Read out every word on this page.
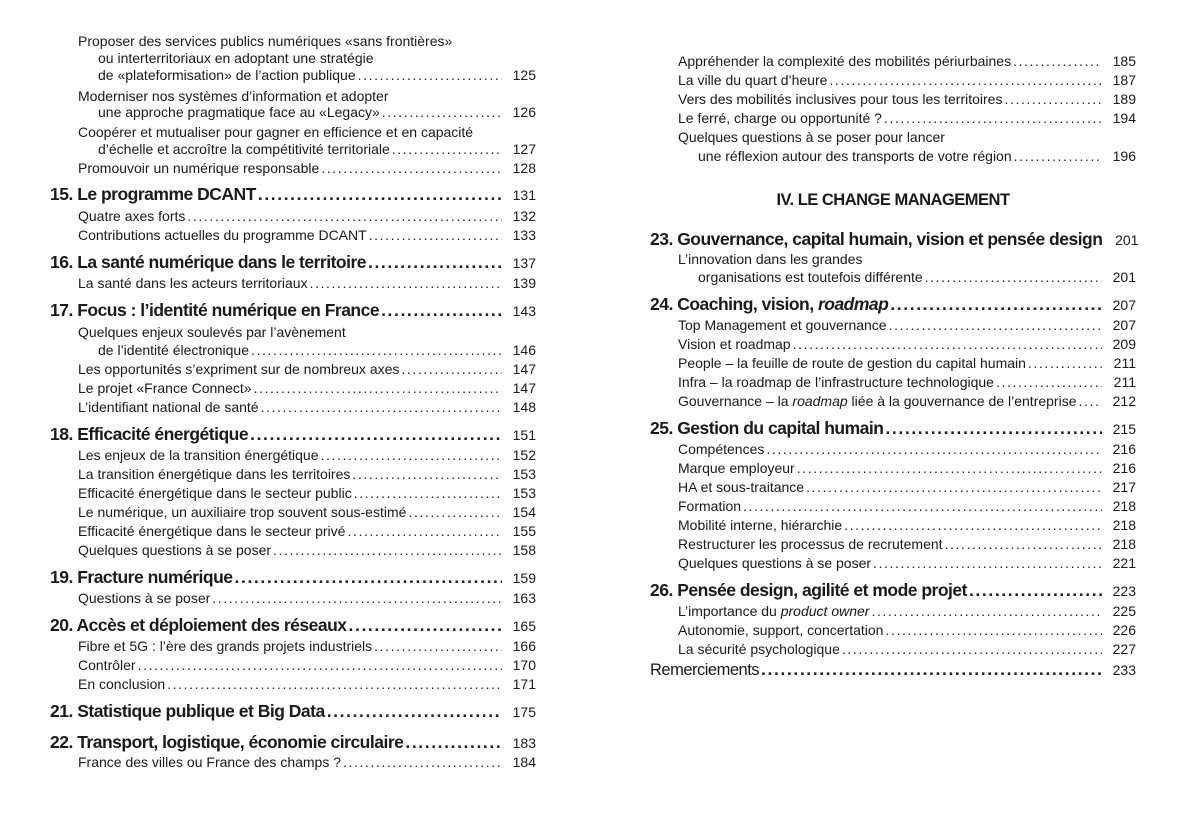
Proposer des services publics numériques «sans frontières»
ou interterritoriaux en adoptant une stratégie
de «plateformisation» de l’action publique .....	125
Moderniser nos systèmes d’information et adopter
une approche pragmatique face au «Legacy» .....	126
Coopérer et mutualiser pour gagner en efficience et en capacité
d’échelle et accroître la compétitivité territoriale .....	127
Promouvoir un numérique responsable .....	128
15. Le programme DCANT .....	131
Quatre axes forts .....	132
Contributions actuelles du programme DCANT .....	133
16. La santé numérique dans le territoire .....	137
La santé dans les acteurs territoriaux .....	139
17. Focus : l’identité numérique en France .....	143
Quelques enjeux soulevés par l’avènement
de l’identité électronique .....	146
Les opportunités s’expriment sur de nombreux axes .....	147
Le projet «France Connect» .....	147
L’identifiant national de santé .....	148
18. Efficacité énergétique .....	151
Les enjeux de la transition énergétique .....	152
La transition énergétique dans les territoires .....	153
Efficacité énergétique dans le secteur public .....	153
Le numérique, un auxiliaire trop souvent sous-estimé .....	154
Efficacité énergétique dans le secteur privé .....	155
Quelques questions à se poser .....	158
19. Fracture numérique .....	159
Questions à se poser .....	163
20. Accès et déploiement des réseaux .....	165
Fibre et 5G : l’ère des grands projets industriels .....	166
Contrôler .....	170
En conclusion .....	171
21. Statistique publique et Big Data .....	175
22. Transport, logistique, économie circulaire .....	183
France des villes ou France des champs ? .....	184
Appréhender la complexité des mobilités périurbaines .....	185
La ville du quart d’heure .....	187
Vers des mobilités inclusives pour tous les territoires .....	189
Le ferré, charge ou opportunité ? .....	194
Quelques questions à se poser pour lancer
une réflexion autour des transports de votre région .....	196
IV. LE CHANGE MANAGEMENT
23. Gouvernance, capital humain, vision et pensée design 201
L’innovation dans les grandes
organisations est toutefois différente .....	201
24. Coaching, vision, roadmap .....	207
Top Management et gouvernance .....	207
Vision et roadmap .....	209
People – la feuille de route de gestion du capital humain .....	211
Infra – la roadmap de l’infrastructure technologique .....	211
Gouvernance – la roadmap liée à la gouvernance de l’entreprise .....	212
25. Gestion du capital humain .....	215
Compétences .....	216
Marque employeur .....	216
HA et sous-traitance .....	217
Formation .....	218
Mobilité interne, hiérarchie .....	218
Restructurer les processus de recrutement .....	218
Quelques questions à se poser .....	221
26. Pensée design, agilité et mode projet .....	223
L’importance du product owner .....	225
Autonomie, support, concertation .....	226
La sécurité psychologique .....	227
Remerciements .....	233
